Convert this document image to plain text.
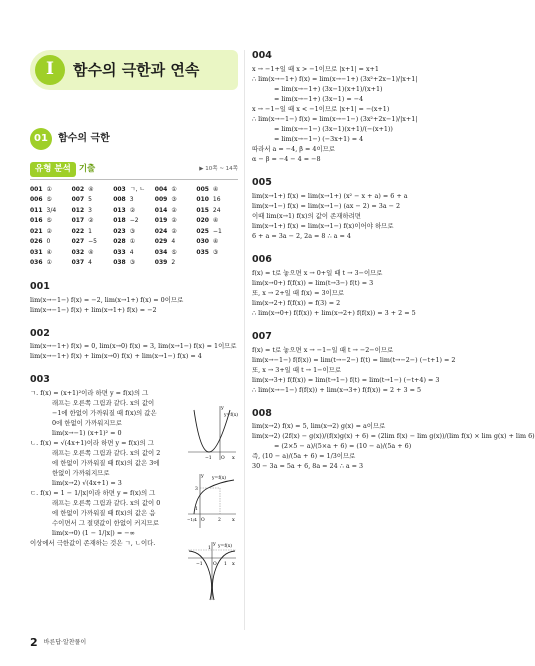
I	함수의 극한과 연속
01	함수의 극한
유형 분석 기출	▶ 10쪽 ~ 14쪽
001 ①	002 ④	003 ㄱ, ㄴ 004 ①	005 ④
006 ⑤	007 5	008 3	009 ③	010 16
011 3/4	012 3	013 ②	014 ②	015 24
016 ⑤	017 ②	018 −2	019 ②	020 ④
021 ②	022 1	023 ③	024 ②	025 −1
026 0	027 −5	028 ①	029 4	030 ④
031 ④	032 ④	033 4	034 ⑤	035 ③
036 ①	037 4	038 ③	039 2
001
lim(x→−1−) f(x) = −2, lim(x→1+) f(x) = 0이므로
lim(x→−1−) f(x) + lim(x→1+) f(x) = −2
002
lim(x→−1+) f(x) = 0, lim(x→0) f(x) = 3, lim(x→1−) f(x) = 1이므로
lim(x→−1+) f(x) + lim(x→0) f(x) + lim(x→1−) f(x) = 4
003
ㄱ. f(x) = (x+1)²이라 하면 y = f(x)의 그
래프는 오른쪽 그림과 같다. x의 값이
−1에 한없이 가까워질 때 f(x)의 값은
0에 한없이 가까워지므로
lim(x→−1) (x+1)² = 0
ㄴ. f(x) = √(4x+1)이라 하면 y = f(x)의 그
래프는 오른쪽 그림과 같다. x의 값이 2
에 한없이 가까워질 때 f(x)의 값은 3에
한없이 가까워지므로
lim(x→2) √(4x+1) = 3
ㄷ. f(x) = 1 − 1/|x|이라 하면 y = f(x)의 그
래프는 오른쪽 그림과 같다. x의 값이 0
에 한없이 가까워질 때 f(x)의 값은 음
수이면서 그 절댓값이 한없이 커지므로
lim(x→0) (1 − 1/|x|) = −∞
이상에서 극한값이 존재하는 것은 ㄱ, ㄴ이다.
y
y=f(x)
x
−1 O
y y=f(x)
x
3
1
−1/4 O	2
y y=f(x)
x
1
−1 O 1
004
x → −1+일 때 x > −1이므로 |x+1| = x+1
∴ lim(x→−1+) f(x) = lim(x→−1+) (3x²+2x−1)/|x+1|
= lim(x→−1+) (3x−1)(x+1)/(x+1)
= lim(x→−1+) (3x−1) = −4
x → −1−일 때 x < −1이므로 |x+1| = −(x+1)
∴ lim(x→−1−) f(x) = lim(x→−1−) (3x²+2x−1)/|x+1|
= lim(x→−1−) (3x−1)(x+1)/(−(x+1))
= lim(x→−1−) (−3x+1) = 4
따라서 a = −4, β = 4이므로
α − β = −4 − 4 = −8
005
lim(x→1+) f(x) = lim(x→1+) (x² − x + a) = 6 + a
lim(x→1−) f(x) = lim(x→1−) (ax − 2) = 3a − 2
이때 lim(x→1) f(x)의 값이 존재하려면
lim(x→1+) f(x) = lim(x→1−) f(x)이어야 하므로
6 + a = 3a − 2, 2a = 8 ∴ a = 4
006
f(x) = t로 놓으면 x → 0+일 때 t → 3−이므로
lim(x→0+) f(f(x)) = lim(t→3−) f(t) = 3
또, x → 2+일 때 f(x) = 3이므로
lim(x→2+) f(f(x)) = f(3) = 2
∴ lim(x→0+) f(f(x)) + lim(x→2+) f(f(x)) = 3 + 2 = 5
007
f(x) = t로 놓으면 x → −1−일 때 t → −2−이므로
lim(x→−1−) f(f(x)) = lim(t→−2−) f(t) = lim(t→−2−) (−t+1) = 2
또, x → 3+일 때 t → 1−이므로
lim(x→3+) f(f(x)) = lim(t→1−) f(t) = lim(t→1−) (−t+4) = 3
∴ lim(x→−1−) f(f(x)) + lim(x→3+) f(f(x)) = 2 + 3 = 5
008
lim(x→2) f(x) = 5, lim(x→2) g(x) = a이므로
lim(x→2) (2f(x) − g(x))/(f(x)g(x) + 6) = (2lim f(x) − lim g(x))/(lim f(x) × lim g(x) + lim 6)
= (2×5 − a)/(5×a + 6) = (10 − a)/(5a + 6)
즉, (10 − a)/(5a + 6) = 1/3이므로
30 − 3a = 5a + 6, 8a = 24 ∴ a = 3
2 바른답·알찬풀이
